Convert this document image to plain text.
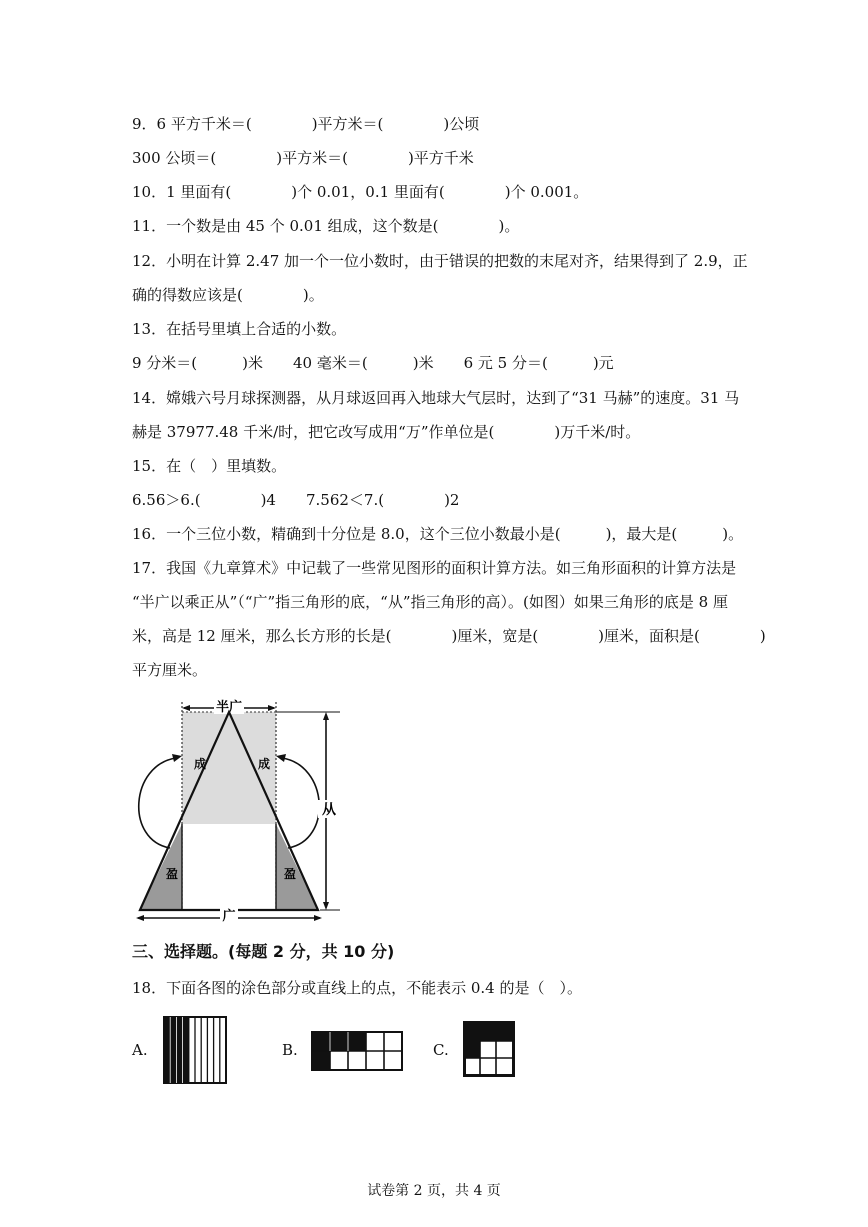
9．6 平方千米＝(　　　　)平方米＝(　　　　)公顷
300 公顷＝(　　　　)平方米＝(　　　　)平方千米
10．1 里面有(　　　　)个 0.01，0.1 里面有(　　　　)个 0.001。
11．一个数是由 45 个 0.01 组成，这个数是(　　　　)。
12．小明在计算 2.47 加一个一位小数时，由于错误的把数的末尾对齐，结果得到了 2.9，正
确的得数应该是(　　　　)。
13．在括号里填上合适的小数。
9 分米＝(　　　)米　　40 毫米＝(　　　)米　　6 元 5 分＝(　　　)元
14．嫦娥六号月球探测器，从月球返回再入地球大气层时，达到了“31 马赫”的速度。31 马
赫是 37977.48 千米/时，把它改写成用“万”作单位是(　　　　)万千米/时。
15．在（　）里填数。
6.56＞6.(　　　　)4　　7.562＜7.(　　　　)2
16．一个三位小数，精确到十分位是 8.0，这个三位小数最小是(　　　)，最大是(　　　)。
17．我国《九章算术》中记载了一些常见图形的面积计算方法。如三角形面积的计算方法是
“半广以乘正从”（“广”指三角形的底，“从”指三角形的高）。(如图）如果三角形的底是 8 厘
米，高是 12 厘米，那么长方形的长是(　　　　)厘米，宽是(　　　　)厘米，面积是(　　　　)
平方厘米。
半广
成	成
盈	盈
广
从
三、选择题。(每题 2 分，共 10 分)
18．下面各图的涂色部分或直线上的点，不能表示 0.4 的是（　）。
A.	B.	C.
试卷第 2 页，共 4 页
